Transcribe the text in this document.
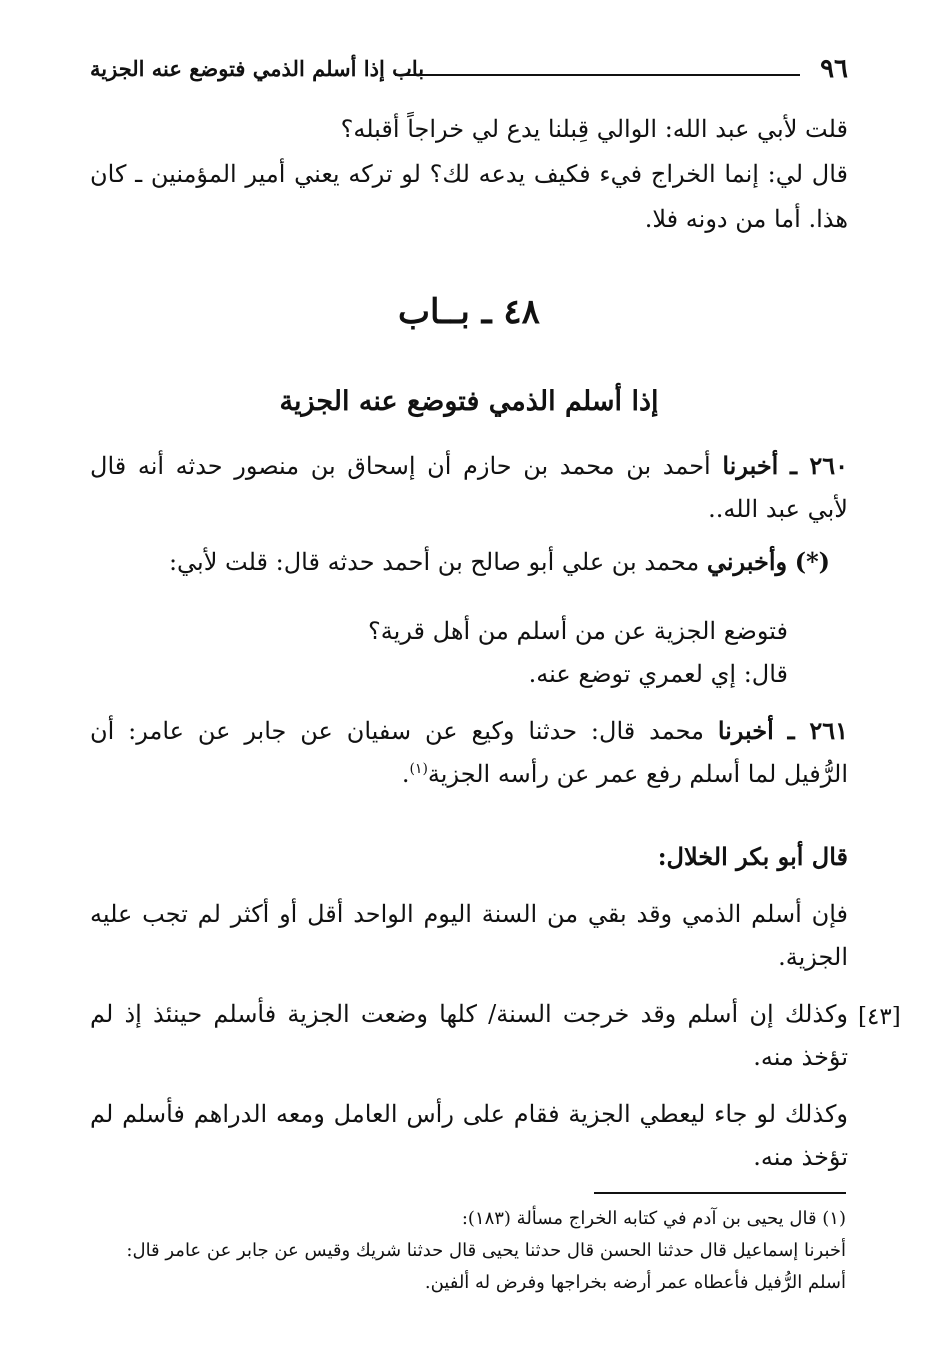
٩٦
باب إذا أسلم الذمي فتوضع عنه الجزية
قلت لأبي عبد الله: الوالي قِبلنا يدع لي خراجاً أقبله؟
قال لي: إنما الخراج فيء فكيف يدعه لك؟ لو تركه يعني أمير المؤمنين ـ كان
هذا. أما من دونه فلا.
٤٨ ـ بــاب
إذا أسلم الذمي فتوضع عنه الجزية
٢٦٠ ـ أخبرنا أحمد بن محمد بن حازم أن إسحاق بن منصور حدثه أنه قال
لأبي عبد الله..
(*) وأخبرني محمد بن علي أبو صالح بن أحمد حدثه قال: قلت لأبي:
فتوضع الجزية عن من أسلم من أهل قرية؟
قال: إي لعمري توضع عنه.
٢٦١ ـ أخبرنا محمد قال: حدثنا وكيع عن سفيان عن جابر عن عامر: أن
الرُّفيل لما أسلم رفع عمر عن رأسه الجزية$^{(١)}$.
قال أبو بكر الخلال:
فإن أسلم الذمي وقد بقي من السنة اليوم الواحد أقل أو أكثر لم تجب عليه
الجزية.
وكذلك إن أسلم وقد خرجت السنة/ كلها وضعت الجزية فأسلم حينئذ إذ لم
تؤخذ منه.
وكذلك لو جاء ليعطي الجزية فقام على رأس العامل ومعه الدراهم فأسلم لم
تؤخذ منه.
[٤٣]
(١) قال يحيى بن آدم في كتابه الخراج مسألة (١٨٣):
أخبرنا إسماعيل قال حدثنا الحسن قال حدثنا يحيى قال حدثنا شريك وقيس عن جابر عن عامر قال:
أسلم الرُّفيل فأعطاه عمر أرضه بخراجها وفرض له ألفين.
